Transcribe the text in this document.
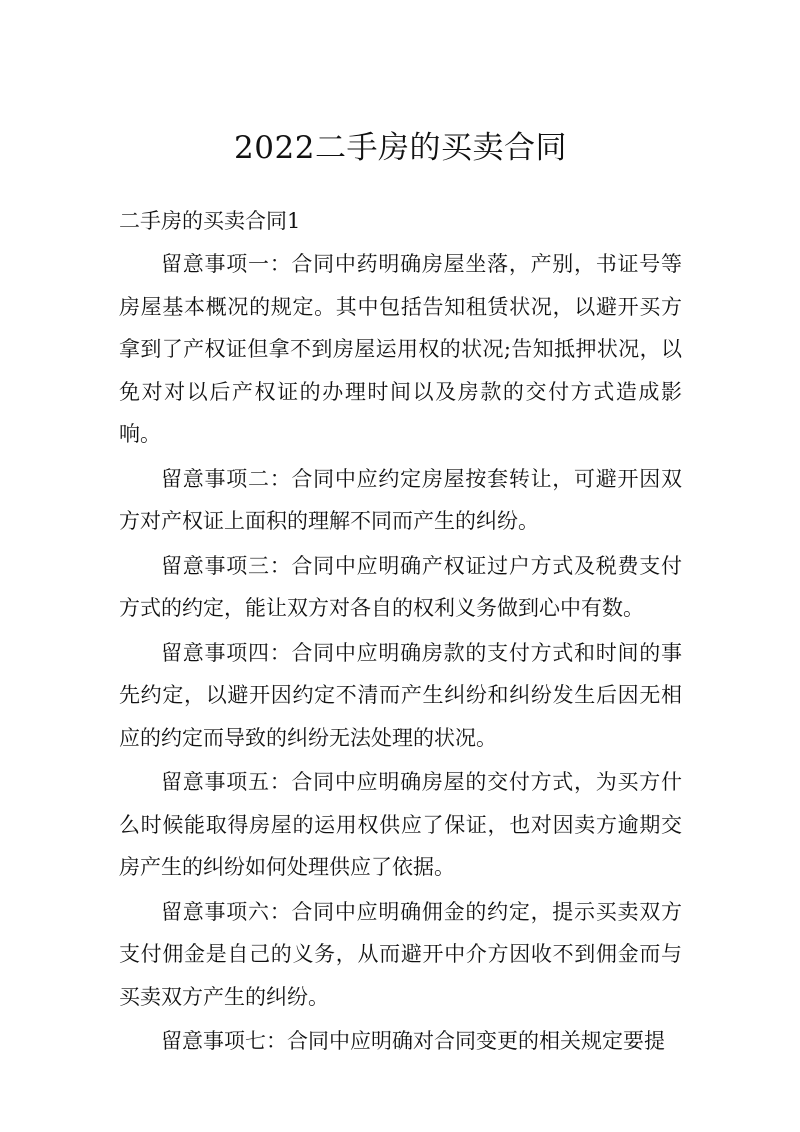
2022二手房的买卖合同

二手房的买卖合同1

留意事项一：合同中药明确房屋坐落，产别，书证号等房屋基本概况的规定。其中包括告知租赁状况，以避开买方拿到了产权证但拿不到房屋运用权的状况;告知抵押状况，以免对对以后产权证的办理时间以及房款的交付方式造成影响。

留意事项二：合同中应约定房屋按套转让，可避开因双方对产权证上面积的理解不同而产生的纠纷。

留意事项三：合同中应明确产权证过户方式及税费支付方式的约定，能让双方对各自的权利义务做到心中有数。

留意事项四：合同中应明确房款的支付方式和时间的事先约定，以避开因约定不清而产生纠纷和纠纷发生后因无相应的约定而导致的纠纷无法处理的状况。

留意事项五：合同中应明确房屋的交付方式，为买方什么时候能取得房屋的运用权供应了保证，也对因卖方逾期交房产生的纠纷如何处理供应了依据。

留意事项六：合同中应明确佣金的约定，提示买卖双方支付佣金是自己的义务，从而避开中介方因收不到佣金而与买卖双方产生的纠纷。

留意事项七：合同中应明确对合同变更的相关规定要提
